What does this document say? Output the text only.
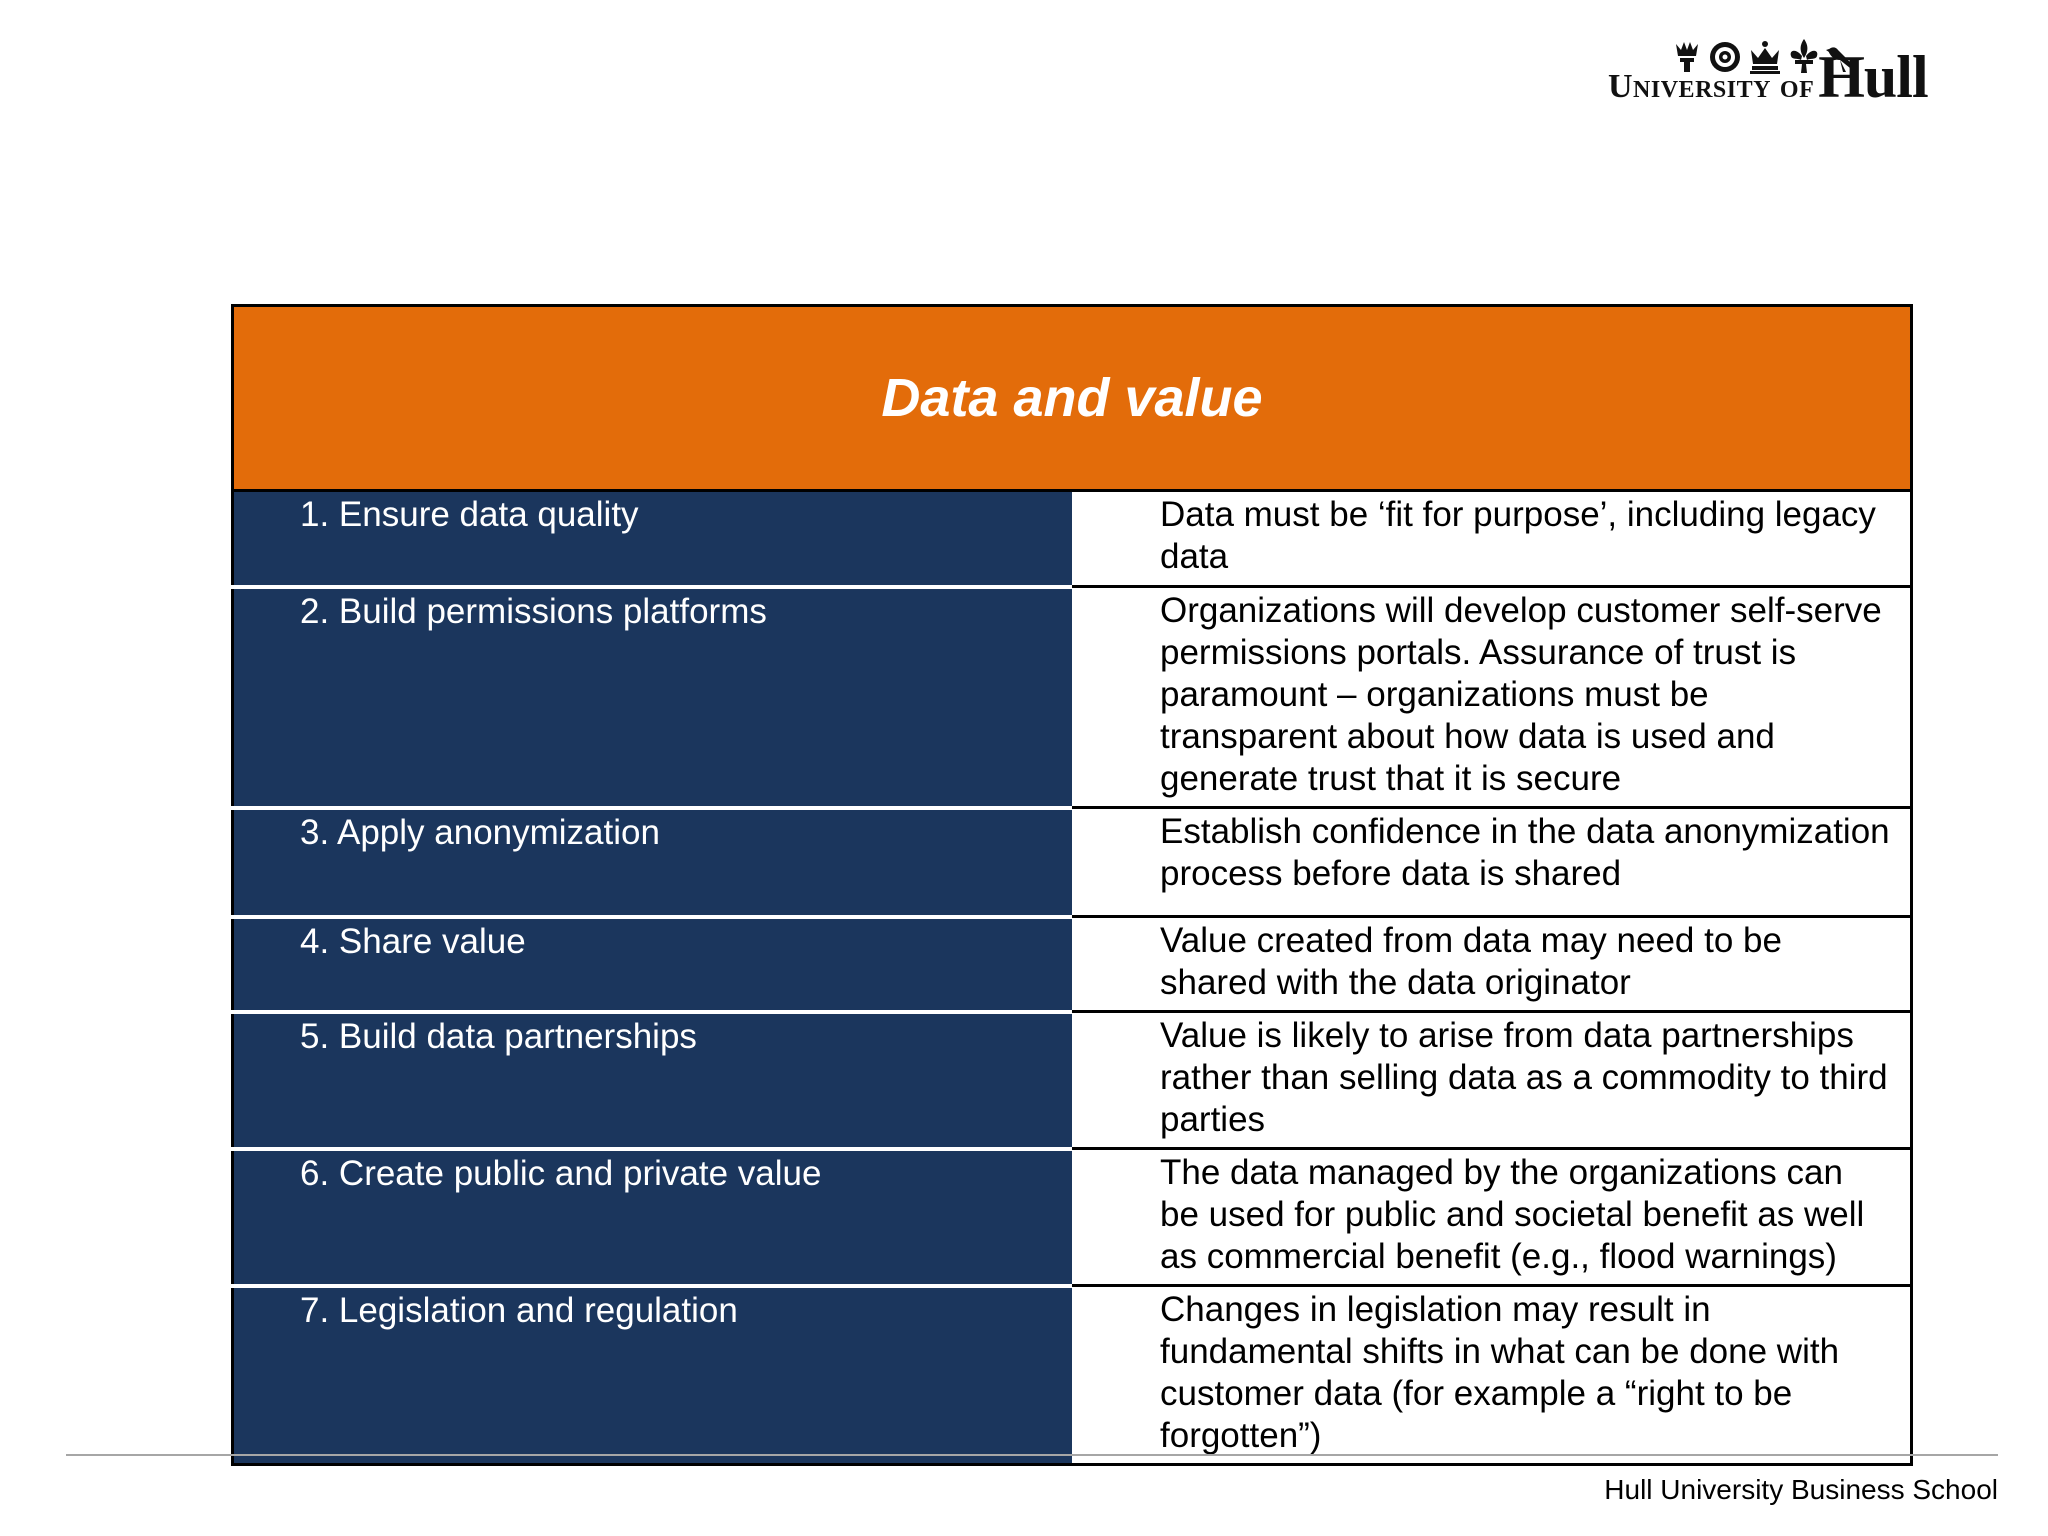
University of Hull
Data and value	
1. Ensure data quality	Data must be ‘fit for purpose’, including legacy data
2. Build permissions platforms	Organizations will develop customer self-serve permissions portals. Assurance of trust is paramount – organizations must be transparent about how data is used and generate trust that it is secure
3. Apply anonymization	Establish confidence in the data anonymization process before data is shared
4. Share value	Value created from data may need to be shared with the data originator
5. Build data partnerships	Value is likely to arise from data partnerships rather than selling data as a commodity to third parties
6. Create public and private value	The data managed by the organizations can be used for public and societal benefit as well as commercial benefit (e.g., flood warnings)
7. Legislation and regulation	Changes in legislation may result in fundamental shifts in what can be done with customer data (for example a “right to be forgotten”)
Hull University Business School
